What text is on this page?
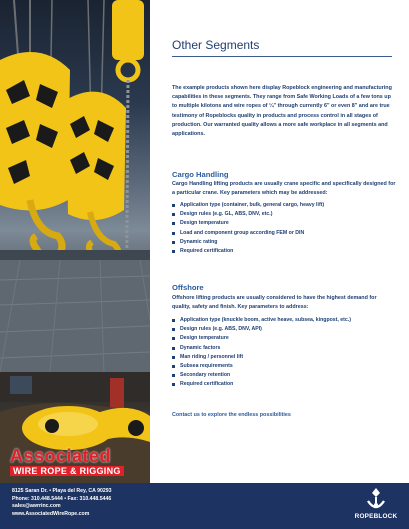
Associated
WIRE ROPE & RIGGING
Other Segments
The example products shown here display Ropeblock engineering and manufacturing capabilities in these segments. They range from Safe Working Loads of a few tons up to multiple kilotons and wire ropes of ¼" through currently 6" or even 8" and are true testimony of Ropeblocks quality in products and process control in all stages of production. Our warranted quality allows a more safe workplace in all segments and applications.
Cargo Handling
Cargo Handling lifting products are usually crane specific and specifically designed for a particular crane. Key parameters which may be addressed:
Application type (container, bulk, general cargo, heavy lift)
Design rules (e.g. GL, ABS, DNV, etc.)
Design temperature
Load and component group according FEM or DIN
Dynamic rating
Required certification
Offshore
Offshore lifting products are usually considered to have the highest demand for quality, safety and finish. Key parameters to address:
Application type (knuckle boom, active heave, subsea, kingpost, etc.)
Design rules (e.g. ABS, DNV, API)
Design temperature
Dynamic factors
Man riding / personnel lift
Subsea requirements
Secondary retention
Required certification
Contact us to explore the endless possibilities
8125 Saran Dr. • Playa del Rey, CA 90293
Phone: 310.448.5444 • Fax: 310.448.5446
sales@awrrinc.com
www.AssociatedWireRope.com	ROPEBLOCK
